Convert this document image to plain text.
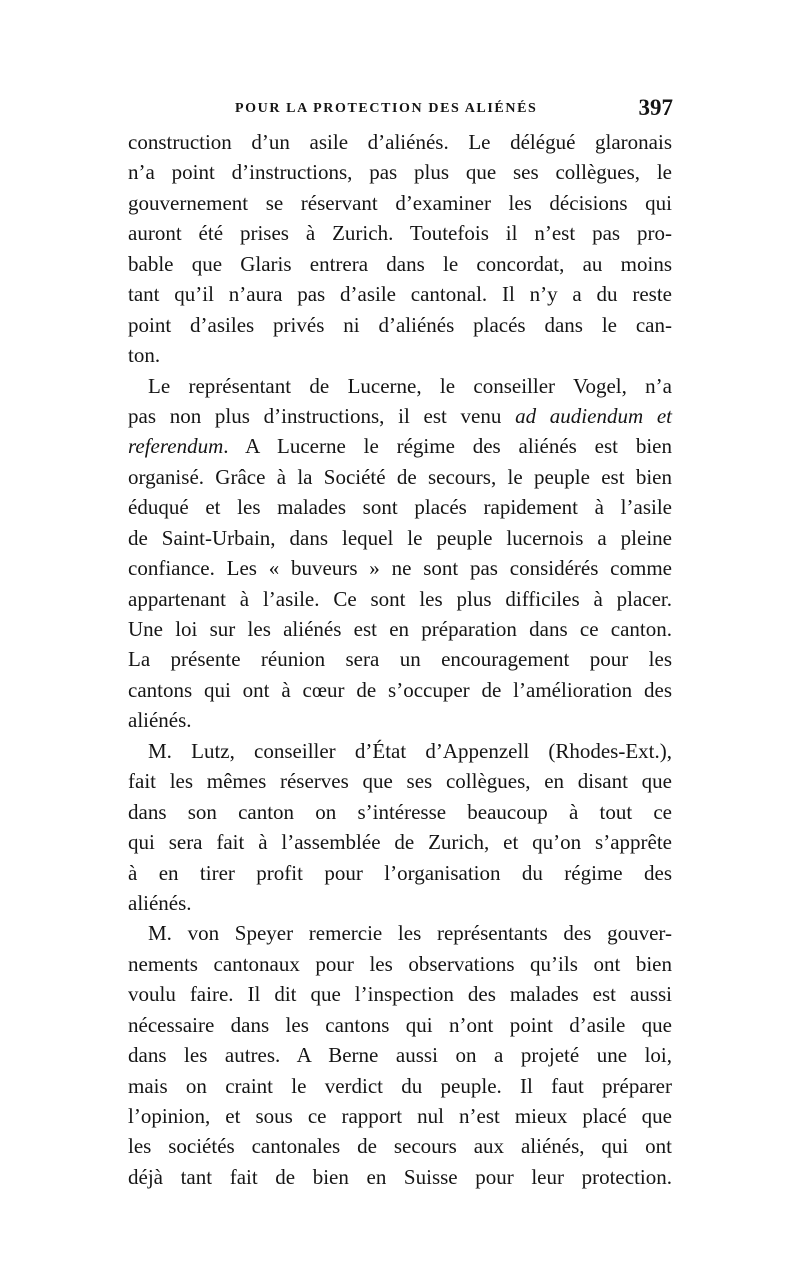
POUR LA PROTECTION DES ALIÉNÉS	397
construction d’un asile d’aliénés. Le délégué glaronais
n’a point d’instructions, pas plus que ses collègues, le
gouvernement se réservant d’examiner les décisions qui
auront été prises à Zurich. Toutefois il n’est pas pro-
bable que Glaris entrera dans le concordat, au moins
tant qu’il n’aura pas d’asile cantonal. Il n’y a du reste
point d’asiles privés ni d’aliénés placés dans le can-
ton.
Le représentant de Lucerne, le conseiller Vogel, n’a
pas non plus d’instructions, il est venu ad audiendum et
referendum. A Lucerne le régime des aliénés est bien
organisé. Grâce à la Société de secours, le peuple est bien
éduqué et les malades sont placés rapidement à l’asile
de Saint-Urbain, dans lequel le peuple lucernois a pleine
confiance. Les « buveurs » ne sont pas considérés comme
appartenant à l’asile. Ce sont les plus difficiles à placer.
Une loi sur les aliénés est en préparation dans ce canton.
La présente réunion sera un encouragement pour les
cantons qui ont à cœur de s’occuper de l’amélioration des
aliénés.
M. Lutz, conseiller d’État d’Appenzell (Rhodes-Ext.),
fait les mêmes réserves que ses collègues, en disant que
dans son canton on s’intéresse beaucoup à tout ce
qui sera fait à l’assemblée de Zurich, et qu’on s’apprête
à en tirer profit pour l’organisation du régime des
aliénés.
M. von Speyer remercie les représentants des gouver-
nements cantonaux pour les observations qu’ils ont bien
voulu faire. Il dit que l’inspection des malades est aussi
nécessaire dans les cantons qui n’ont point d’asile que
dans les autres. A Berne aussi on a projeté une loi,
mais on craint le verdict du peuple. Il faut préparer
l’opinion, et sous ce rapport nul n’est mieux placé que
les sociétés cantonales de secours aux aliénés, qui ont
déjà tant fait de bien en Suisse pour leur protection.
